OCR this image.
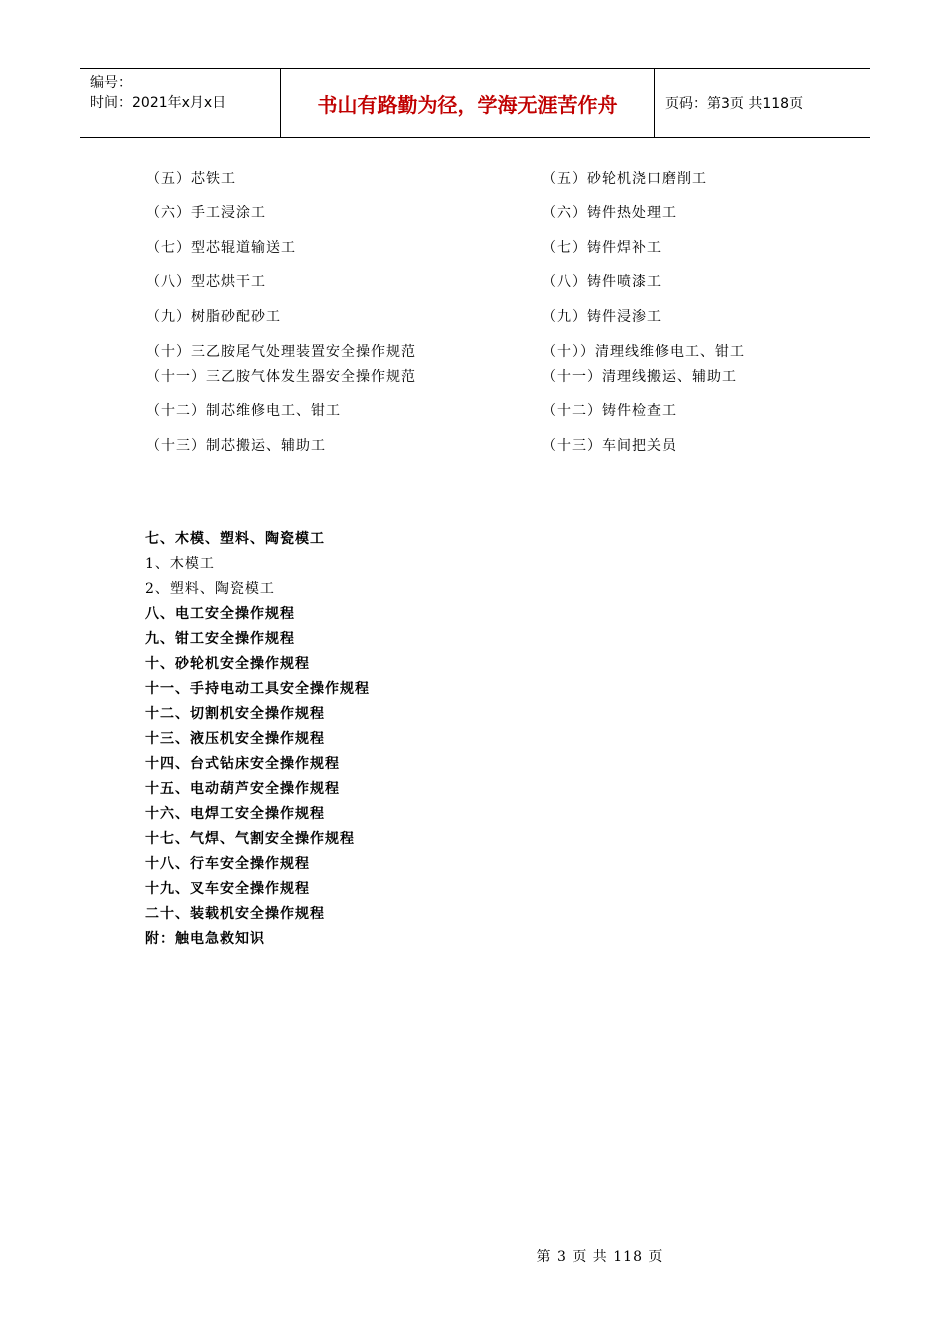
编号：
时间：2021年x月x日	书山有路勤为径，学海无涯苦作舟	页码：第3页 共118页
（五）芯铁工
（六）手工浸涂工
（七）型芯辊道输送工
（八）型芯烘干工
（九）树脂砂配砂工
（十）三乙胺尾气处理装置安全操作规范
（十一）三乙胺气体发生器安全操作规范
（十二）制芯维修电工、钳工
（十三）制芯搬运、辅助工
（五）砂轮机浇口磨削工
（六）铸件热处理工
（七）铸件焊补工
（八）铸件喷漆工
（九）铸件浸渗工
（十））清理线维修电工、钳工
（十一）清理线搬运、辅助工
（十二）铸件检查工
（十三）车间把关员
七、木模、塑料、陶瓷模工
1、木模工
2、塑料、陶瓷模工
八、电工安全操作规程
九、钳工安全操作规程
十、砂轮机安全操作规程
十一、手持电动工具安全操作规程
十二、切割机安全操作规程
十三、液压机安全操作规程
十四、台式钻床安全操作规程
十五、电动葫芦安全操作规程
十六、电焊工安全操作规程
十七、气焊、气割安全操作规程
十八、行车安全操作规程
十九、叉车安全操作规程
二十、装载机安全操作规程
附：触电急救知识
第 3 页 共 118 页
